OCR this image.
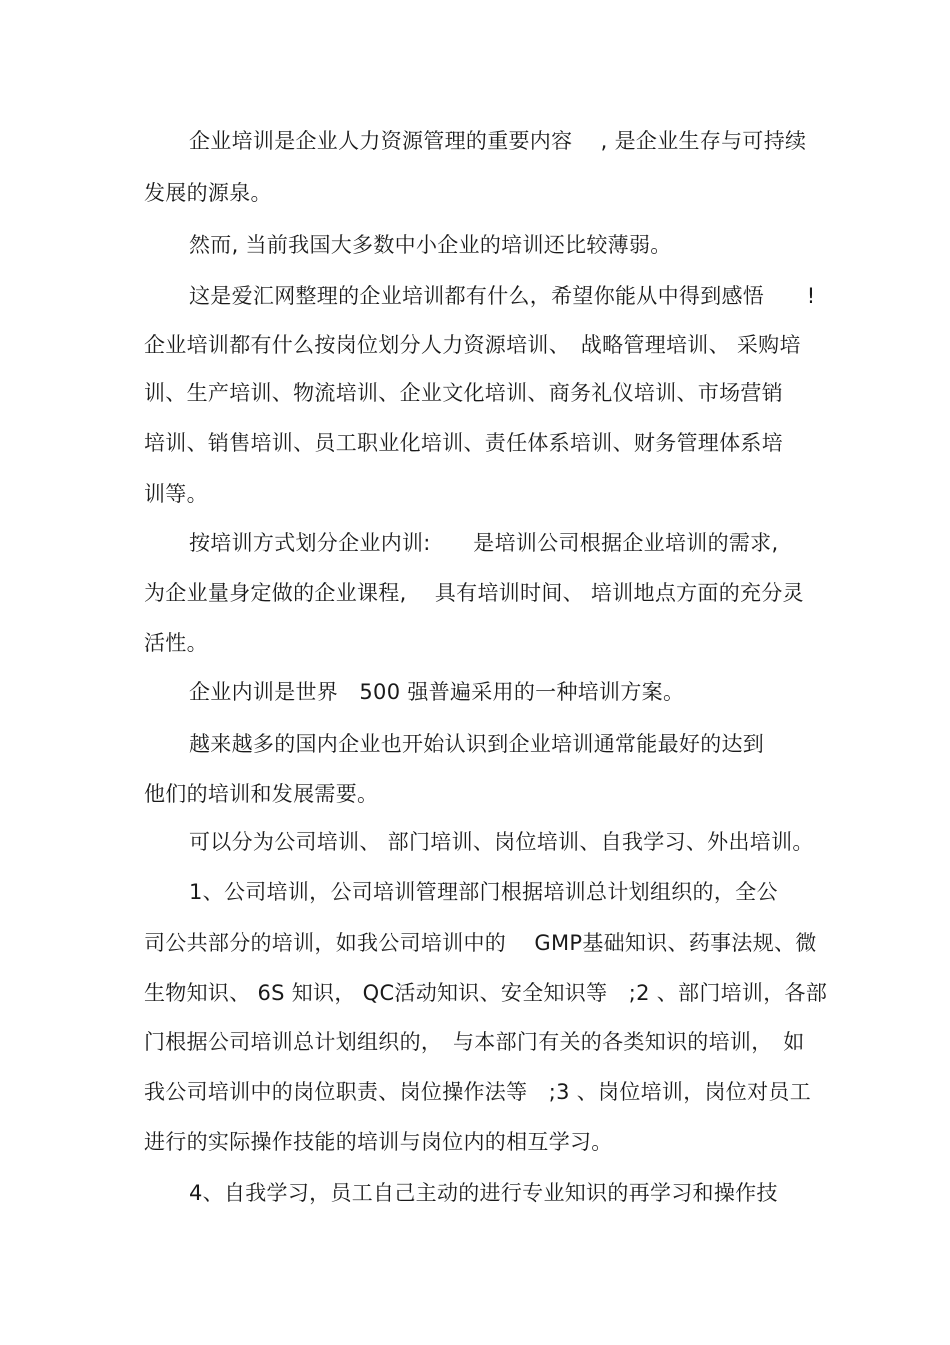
企业培训是企业人力资源管理的重要内容　 , 是企业生存与可持续
发展的源泉。
然而, 当前我国大多数中小企业的培训还比较薄弱。
这是爱汇网整理的企业培训都有什么，希望你能从中得到感悟　　!
企业培训都有什么按岗位划分人力资源培训、　战略管理培训、 采购培
训、生产培训、物流培训、企业文化培训、商务礼仪培训、市场营销
培训、销售培训、员工职业化培训、责任体系培训、财务管理体系培
训等。
按培训方式划分企业内训:　　是培训公司根据企业培训的需求,
为企业量身定做的企业课程,　 具有培训时间、 培训地点方面的充分灵
活性。
企业内训是世界　500 强普遍采用的一种培训方案。
越来越多的国内企业也开始认识到企业培训通常能最好的达到
他们的培训和发展需要。
可以分为公司培训、 部门培训、岗位培训、自我学习、外出培训。
1、公司培训，公司培训管理部门根据培训总计划组织的，全公
司公共部分的培训，如我公司培训中的　 GMP基础知识、药事法规、微
生物知识、 6S 知识， QC活动知识、安全知识等　;2 、部门培训，各部
门根据公司培训总计划组织的，　与本部门有关的各类知识的培训，　如
我公司培训中的岗位职责、岗位操作法等　;3 、岗位培训，岗位对员工
进行的实际操作技能的培训与岗位内的相互学习。
4、自我学习，员工自己主动的进行专业知识的再学习和操作技
